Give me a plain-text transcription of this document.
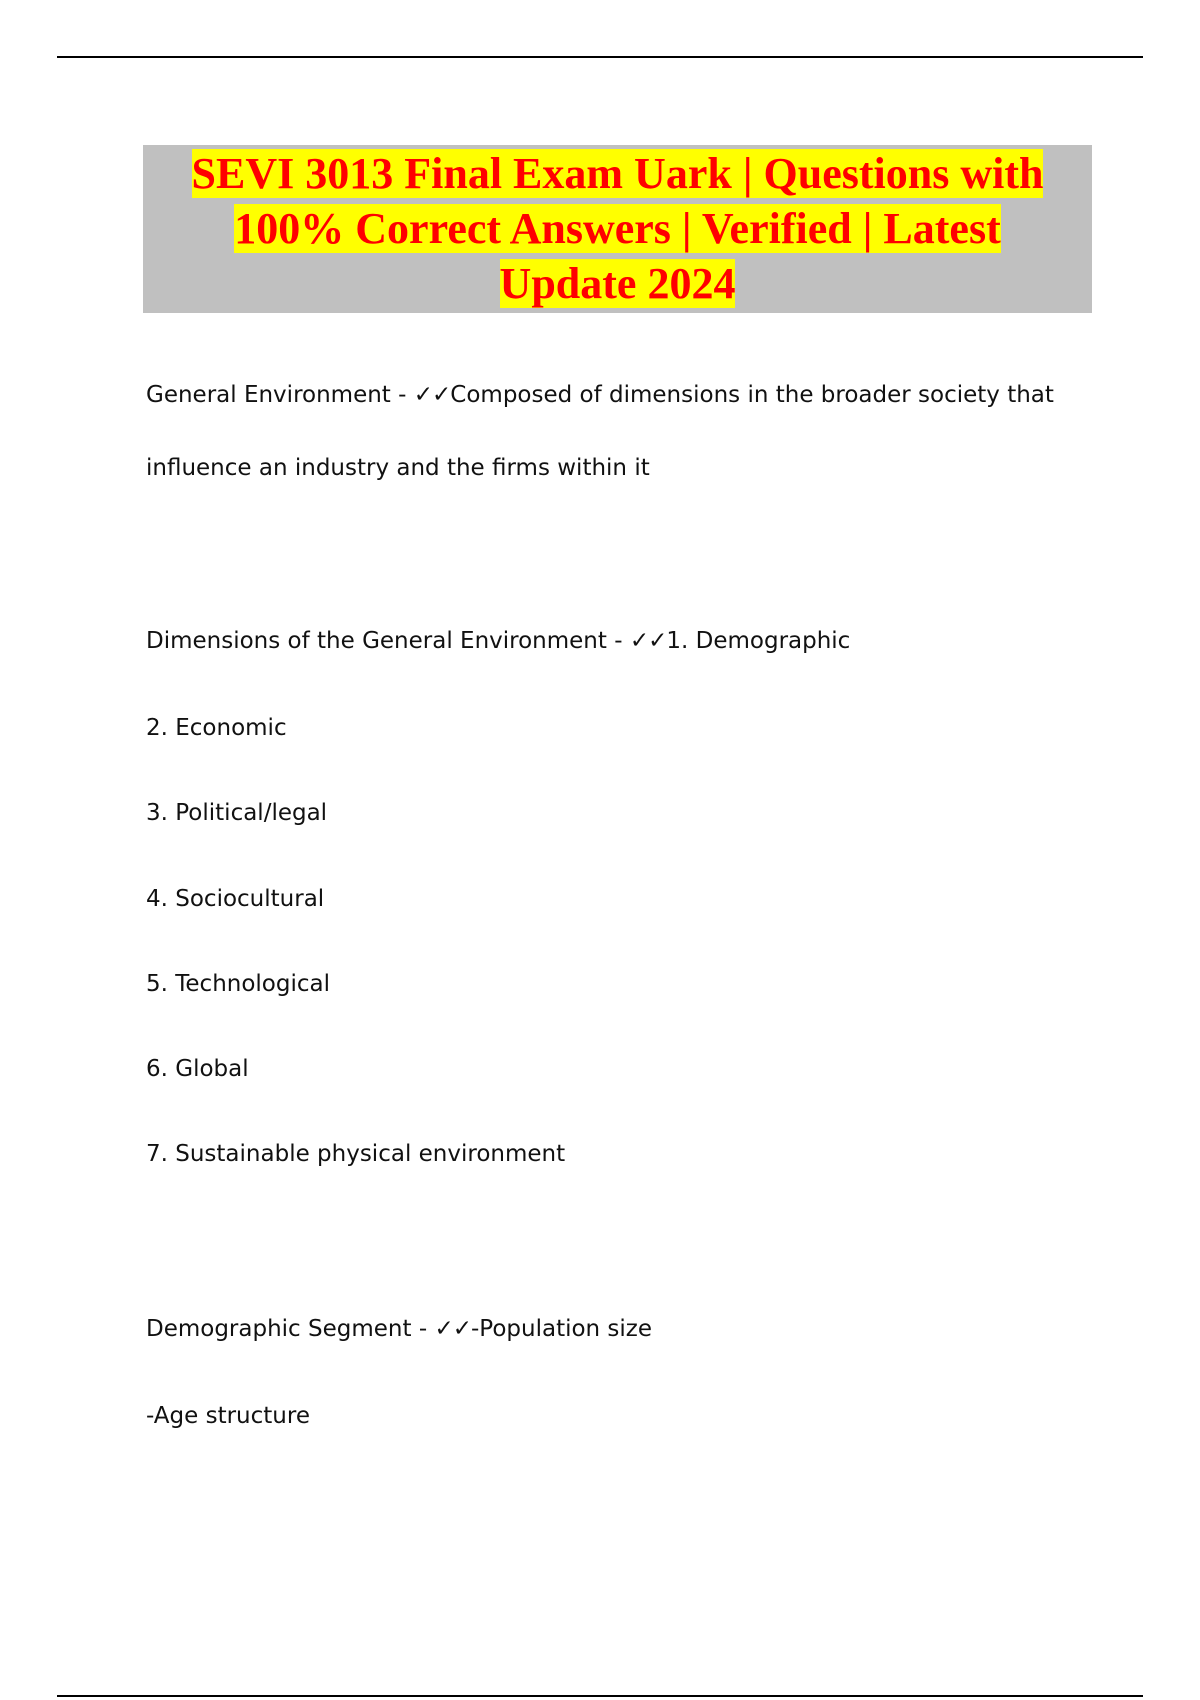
SEVI 3013 Final Exam Uark | Questions with
100% Correct Answers | Verified | Latest
Update 2024

General Environment - ✓✓Composed of dimensions in the broader society that

influence an industry and the firms within it

Dimensions of the General Environment - ✓✓1. Demographic

2. Economic

3. Political/legal

4. Sociocultural

5. Technological

6. Global

7. Sustainable physical environment

Demographic Segment - ✓✓-Population size

-Age structure
